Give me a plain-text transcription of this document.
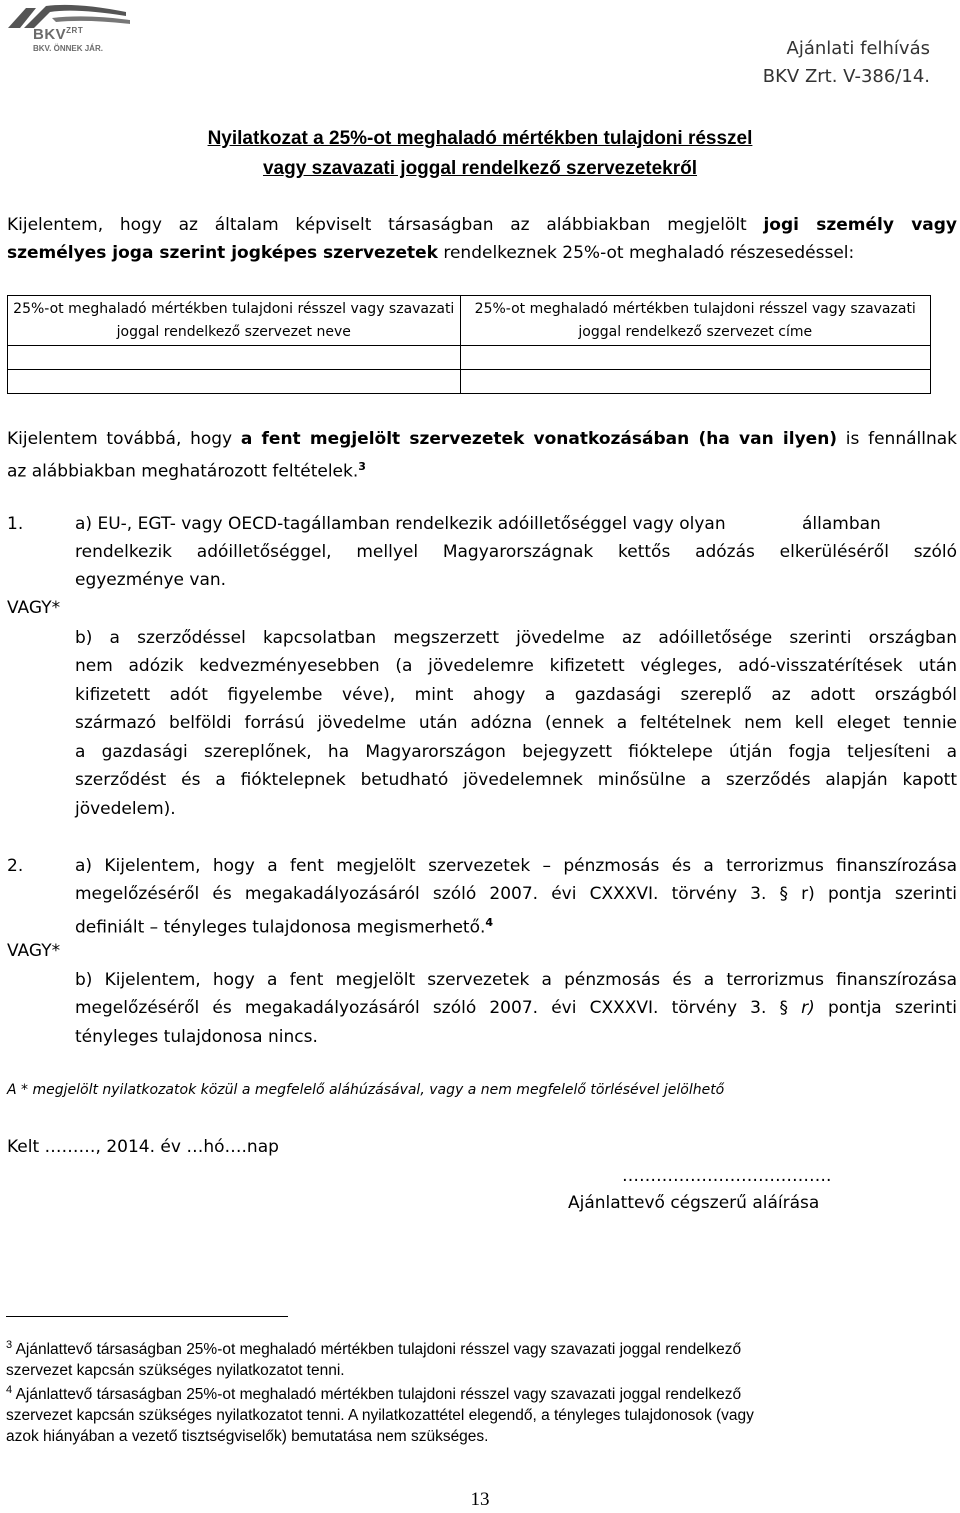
$BKV^{ZRT}$
BKV. ÖNNEK JÁR.	Ajánlati felhívás
BKV Zrt. V-386/14.
Nyilatkozat a 25%-ot meghaladó mértékben tulajdoni résszel
vagy szavazati joggal rendelkező szervezetekről
Kijelentem, hogy az általam képviselt társaságban az alábbiakban megjelölt jogi személy vagy
személyes joga szerint jogképes szervezetek rendelkeznek 25%-ot meghaladó részesedéssel:
25%-ot meghaladó mértékben tulajdoni résszel vagy szavazati joggal rendelkező szervezet neve	25%-ot meghaladó mértékben tulajdoni résszel vagy szavazati joggal rendelkező szervezet címe

Kijelentem továbbá, hogy a fent megjelölt szervezetek vonatkozásában (ha van ilyen) is fennállnak
az alábbiakban meghatározott feltételek.$^3$
1.	a) EU-, EGT- vagy OECD-tagállamban rendelkezik adóilletőséggel vagy olyan	államban
rendelkezik adóilletőséggel, mellyel Magyarországnak kettős adózás elkerüléséről szóló
egyezménye van.
VAGY*
b) a szerződéssel kapcsolatban megszerzett jövedelme az adóilletősége szerinti országban
nem adózik kedvezményesebben (a jövedelemre kifizetett végleges, adó-visszatérítések után
kifizetett adót figyelembe véve), mint ahogy a gazdasági szereplő az adott országból
származó belföldi forrású jövedelme után adózna (ennek a feltételnek nem kell eleget tennie
a gazdasági szereplőnek, ha Magyarországon bejegyzett fióktelepe útján fogja teljesíteni a
szerződést és a fióktelepnek betudható jövedelemnek minősülne a szerződés alapján kapott
jövedelem).
2.	a) Kijelentem, hogy a fent megjelölt szervezetek – pénzmosás és a terrorizmus finanszírozása
megelőzéséről és megakadályozásáról szóló 2007. évi CXXXVI. törvény 3. § r) pontja szerinti
definiált – tényleges tulajdonosa megismerhető.$^4$
VAGY*
b) Kijelentem, hogy a fent megjelölt szervezetek a pénzmosás és a terrorizmus finanszírozása
megelőzéséről és megakadályozásáról szóló 2007. évi CXXXVI. törvény 3. § r) pontja szerinti
tényleges tulajdonosa nincs.
A * megjelölt nyilatkozatok közül a megfelelő aláhúzásával, vagy a nem megfelelő törlésével jelölhető
Kelt ………, 2014. év …hó….nap
……………………………….
Ajánlattevő cégszerű aláírása
$^3$ Ajánlattevő társaságban 25%-ot meghaladó mértékben tulajdoni résszel vagy szavazati joggal rendelkező
szervezet kapcsán szükséges nyilatkozatot tenni.
$^4$ Ajánlattevő társaságban 25%-ot meghaladó mértékben tulajdoni résszel vagy szavazati joggal rendelkező
szervezet kapcsán szükséges nyilatkozatot tenni. A nyilatkozattétel elegendő, a tényleges tulajdonosok (vagy
azok hiányában a vezető tisztségviselők) bemutatása nem szükséges.
13
